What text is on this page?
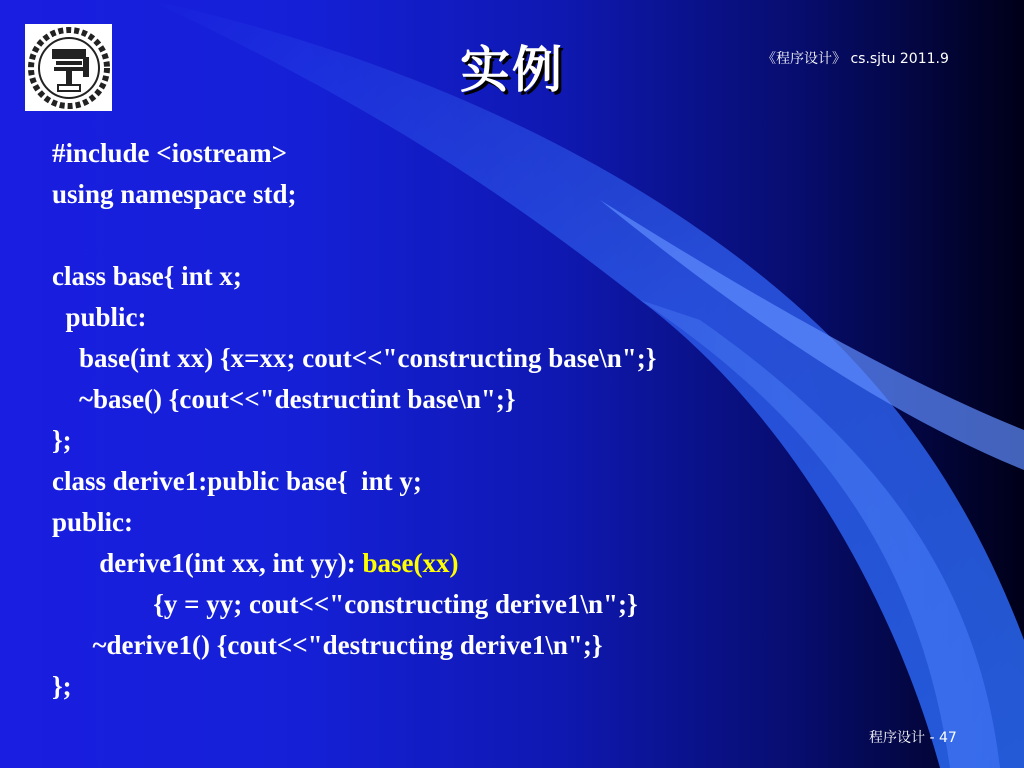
实例	《程序设计》 cs.sjtu 2011.9
#include <iostream>
using namespace std;
class base{ int x;
public:
base(int xx) {x=xx; cout<<"constructing base\n";}
~base() {cout<<"destructint base\n";}
};
class derive1:public base{  int y;
public:
derive1(int xx, int yy): base(xx)
{y = yy; cout<<"constructing derive1\n";}
~derive1() {cout<<"destructing derive1\n";}
};
程序设计 - 47
